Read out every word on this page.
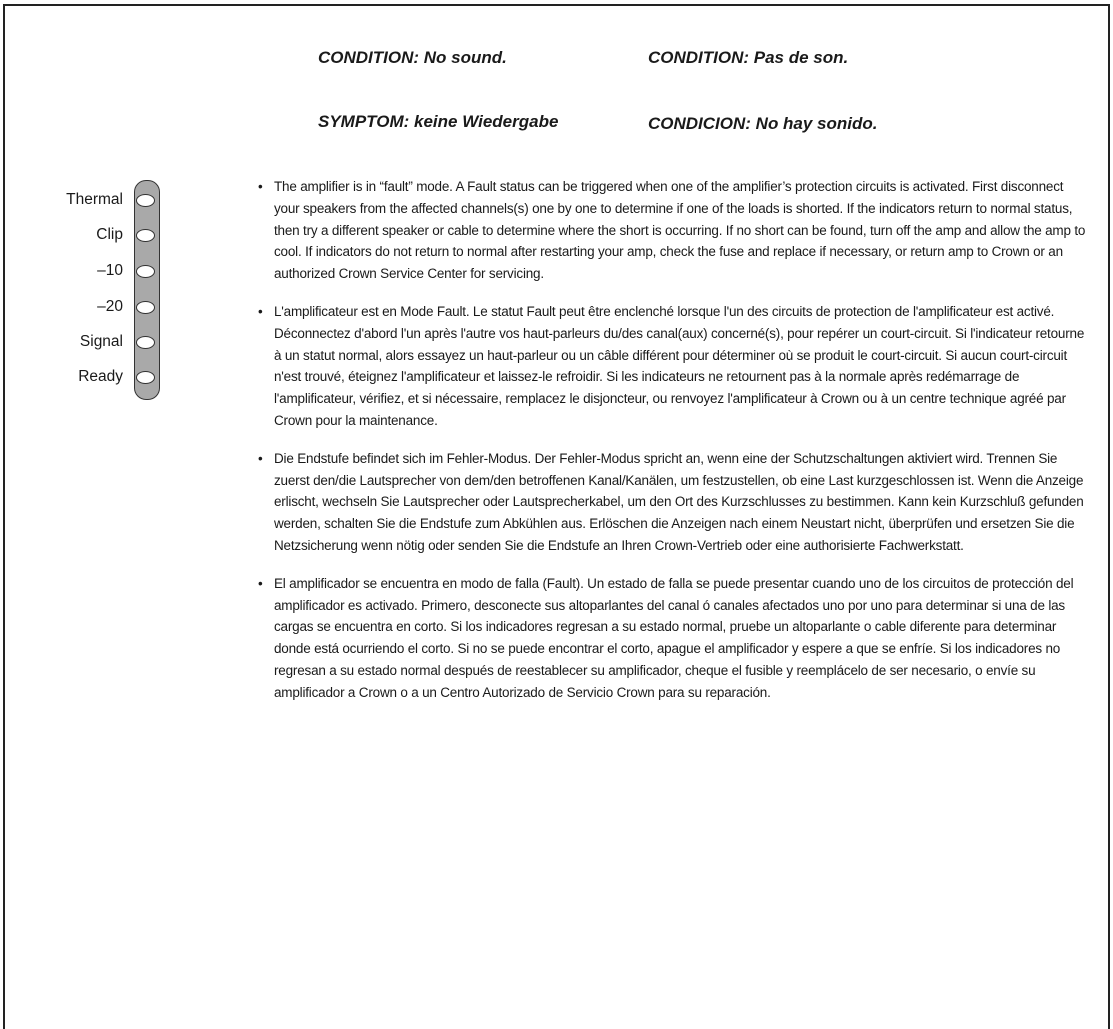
CONDITION: No sound.	CONDITION: Pas de son.
SYMPTOM: keine Wiedergabe	CONDICION: No hay sonido.
Thermal
Clip
–10
–20
Signal
Ready
• The amplifier is in “fault” mode. A Fault status can be triggered when one of the amplifier’s protection circuits is activated. First disconnect your speakers from the affected channels(s) one by one to determine if one of the loads is shorted. If the indicators return to normal status, then try a different speaker or cable to determine where the short is occurring. If no short can be found, turn off the amp and allow the amp to cool. If indicators do not return to normal after restarting your amp, check the fuse and replace if necessary, or return amp to Crown or an authorized Crown Service Center for servicing.
• L'amplificateur est en Mode Fault. Le statut Fault peut être enclenché lorsque l'un des circuits de protection de l'amplificateur est activé. Déconnectez d'abord l'un après l'autre vos haut-parleurs du/des canal(aux) concerné(s), pour repérer un court-circuit. Si l'indicateur retourne à un statut normal, alors essayez un haut-parleur ou un câble différent pour déterminer où se produit le court-circuit. Si aucun court-circuit n'est trouvé, éteignez l'amplificateur et laissez-le refroidir. Si les indicateurs ne retournent pas à la normale après redémarrage de l'amplificateur, vérifiez, et si nécessaire, remplacez le disjoncteur, ou renvoyez l'amplificateur à Crown ou à un centre technique agréé par Crown pour la maintenance.
• Die Endstufe befindet sich im Fehler-Modus. Der Fehler-Modus spricht an, wenn eine der Schutzschaltungen aktiviert wird. Trennen Sie zuerst den/die Lautsprecher von dem/den betroffenen Kanal/Kanälen, um festzustellen, ob eine Last kurzgeschlossen ist. Wenn die Anzeige erlischt, wechseln Sie Lautsprecher oder Lautsprecherkabel, um den Ort des Kurzschlusses zu bestimmen. Kann kein Kurzschluß gefunden werden, schalten Sie die Endstufe zum Abkühlen aus. Erlöschen die Anzeigen nach einem Neustart nicht, überprüfen und ersetzen Sie die Netzsicherung wenn nötig oder senden Sie die Endstufe an Ihren Crown-Vertrieb oder eine authorisierte Fachwerkstatt.
• El amplificador se encuentra en modo de falla (Fault). Un estado de falla se puede presentar cuando uno de los circuitos de protección del amplificador es activado. Primero, desconecte sus altoparlantes del canal ó canales afectados uno por uno para determinar si una de las cargas se encuentra en corto. Si los indicadores regresan a su estado normal, pruebe un altoparlante o cable diferente para determinar donde está ocurriendo el corto. Si no se puede encontrar el corto, apague el amplificador y espere a que se enfríe. Si los indicadores no regresan a su estado normal después de reestablecer su amplificador, cheque el fusible y reemplácelo de ser necesario, o envíe su amplificador a Crown o a un Centro Autorizado de Servicio Crown para su reparación.
